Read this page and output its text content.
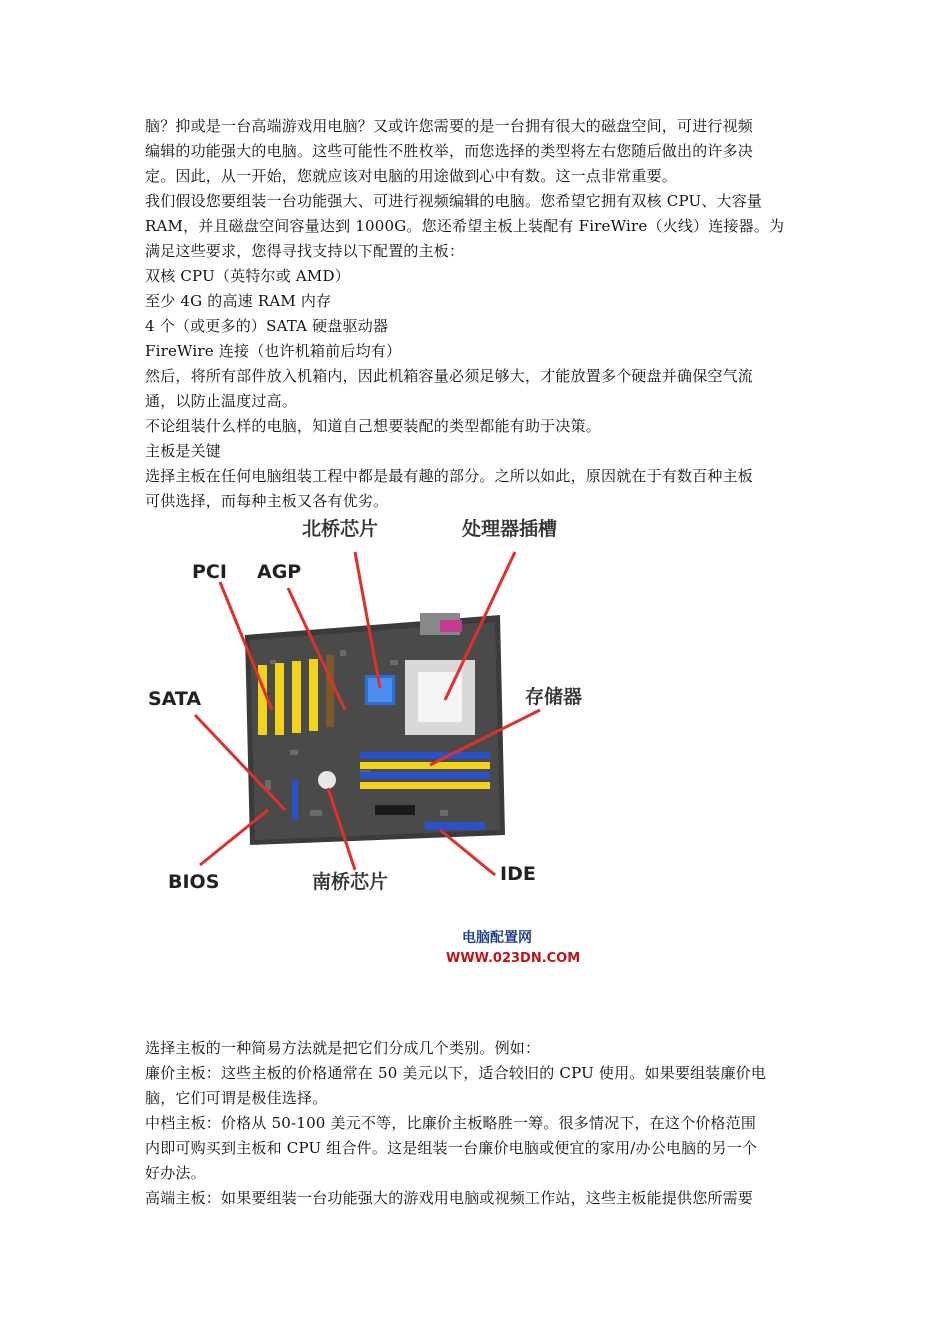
脑？抑或是一台高端游戏用电脑？又或许您需要的是一台拥有很大的磁盘空间，可进行视频
编辑的功能强大的电脑。这些可能性不胜枚举，而您选择的类型将左右您随后做出的许多决
定。因此，从一开始，您就应该对电脑的用途做到心中有数。这一点非常重要。
我们假设您要组装一台功能强大、可进行视频编辑的电脑。您希望它拥有双核 CPU、大容量
RAM，并且磁盘空间容量达到 1000G。您还希望主板上装配有 FireWire（火线）连接器。为
满足这些要求，您得寻找支持以下配置的主板：
双核 CPU（英特尔或 AMD）
至少 4G 的高速 RAM 内存
4 个（或更多的）SATA 硬盘驱动器
FireWire 连接（也许机箱前后均有）
然后，将所有部件放入机箱内，因此机箱容量必须足够大，才能放置多个硬盘并确保空气流
通，以防止温度过高。
不论组装什么样的电脑，知道自己想要装配的类型都能有助于决策。
主板是关键
选择主板在任何电脑组装工程中都是最有趣的部分。之所以如此，原因就在于有数百种主板
可供选择，而每种主板又各有优劣。
北桥芯片	处理器插槽
PCI AGP
SATA	存储器
BIOS	南桥芯片	IDE
电脑配置网
WWW.023DN.COM
选择主板的一种简易方法就是把它们分成几个类别。例如：
廉价主板：这些主板的价格通常在 50 美元以下，适合较旧的 CPU 使用。如果要组装廉价电
脑，它们可谓是极佳选择。
中档主板：价格从 50-100 美元不等，比廉价主板略胜一筹。很多情况下，在这个价格范围
内即可购买到主板和 CPU 组合件。这是组装一台廉价电脑或便宜的家用/办公电脑的另一个
好办法。
高端主板：如果要组装一台功能强大的游戏用电脑或视频工作站，这些主板能提供您所需要
